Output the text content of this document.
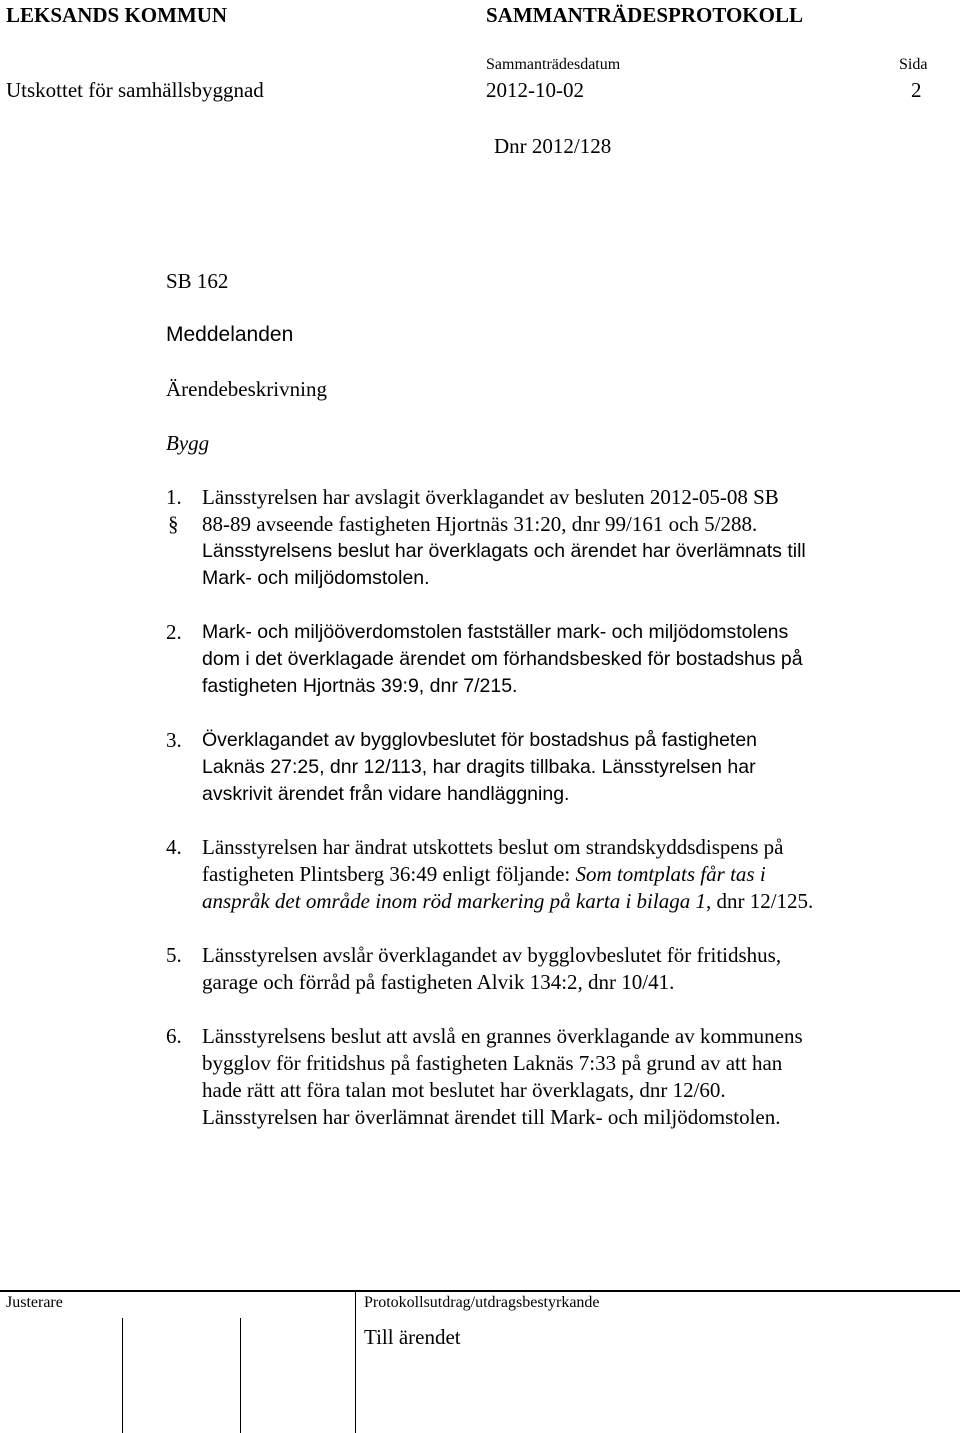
LEKSANDS KOMMUN	SAMMANTRÄDESPROTOKOLL
Sammanträdesdatum	Sida
Utskottet för samhällsbyggnad	2012-10-02	2
Dnr 2012/128
SB 162
Meddelanden
Ärendebeskrivning
Bygg
1. Länsstyrelsen har avslagit överklagandet av besluten 2012-05-08 SB
88-89 avseende fastigheten Hjortnäs 31:20, dnr 99/161 och 5/288.
Länsstyrelsens beslut har överklagats och ärendet har överlämnats till
Mark- och miljödomstolen.
§
2. Mark- och miljööverdomstolen fastställer mark- och miljödomstolens
dom i det överklagade ärendet om förhandsbesked för bostadshus på
fastigheten Hjortnäs 39:9, dnr 7/215.
3. Överklagandet av bygglovbeslutet för bostadshus på fastigheten
Laknäs 27:25, dnr 12/113, har dragits tillbaka. Länsstyrelsen har
avskrivit ärendet från vidare handläggning.
4. Länsstyrelsen har ändrat utskottets beslut om strandskyddsdispens på
fastigheten Plintsberg 36:49 enligt följande: Som tomtplats får tas i
anspråk det område inom röd markering på karta i bilaga 1, dnr 12/125.
5. Länsstyrelsen avslår överklagandet av bygglovbeslutet för fritidshus,
garage och förråd på fastigheten Alvik 134:2, dnr 10/41.
6. Länsstyrelsens beslut att avslå en grannes överklagande av kommunens
bygglov för fritidshus på fastigheten Laknäs 7:33 på grund av att han
hade rätt att föra talan mot beslutet har överklagats, dnr 12/60.
Länsstyrelsen har överlämnat ärendet till Mark- och miljödomstolen.
Justerare	Protokollsutdrag/utdragsbestyrkande
Till ärendet
